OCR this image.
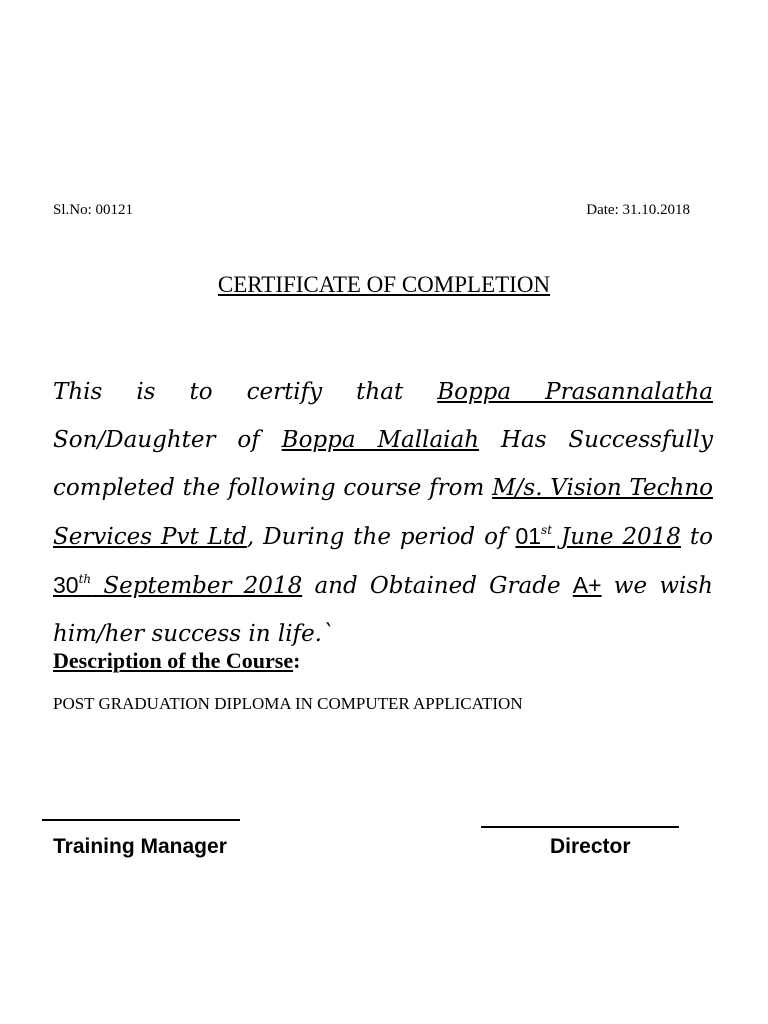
Sl.No: 00121	Date: 31.10.2018
CERTIFICATE OF COMPLETION
This is to certify that Boppa Prasannalatha Son/Daughter of Boppa Mallaiah Has Successfully completed the following course from M/s. Vision Techno Services Pvt Ltd, During the period of 01st June 2018 to 30th September 2018 and Obtained Grade A+ we wish him/her success in life.`
Description of the Course:
POST GRADUATION DIPLOMA IN COMPUTER APPLICATION
Training Manager	Director
